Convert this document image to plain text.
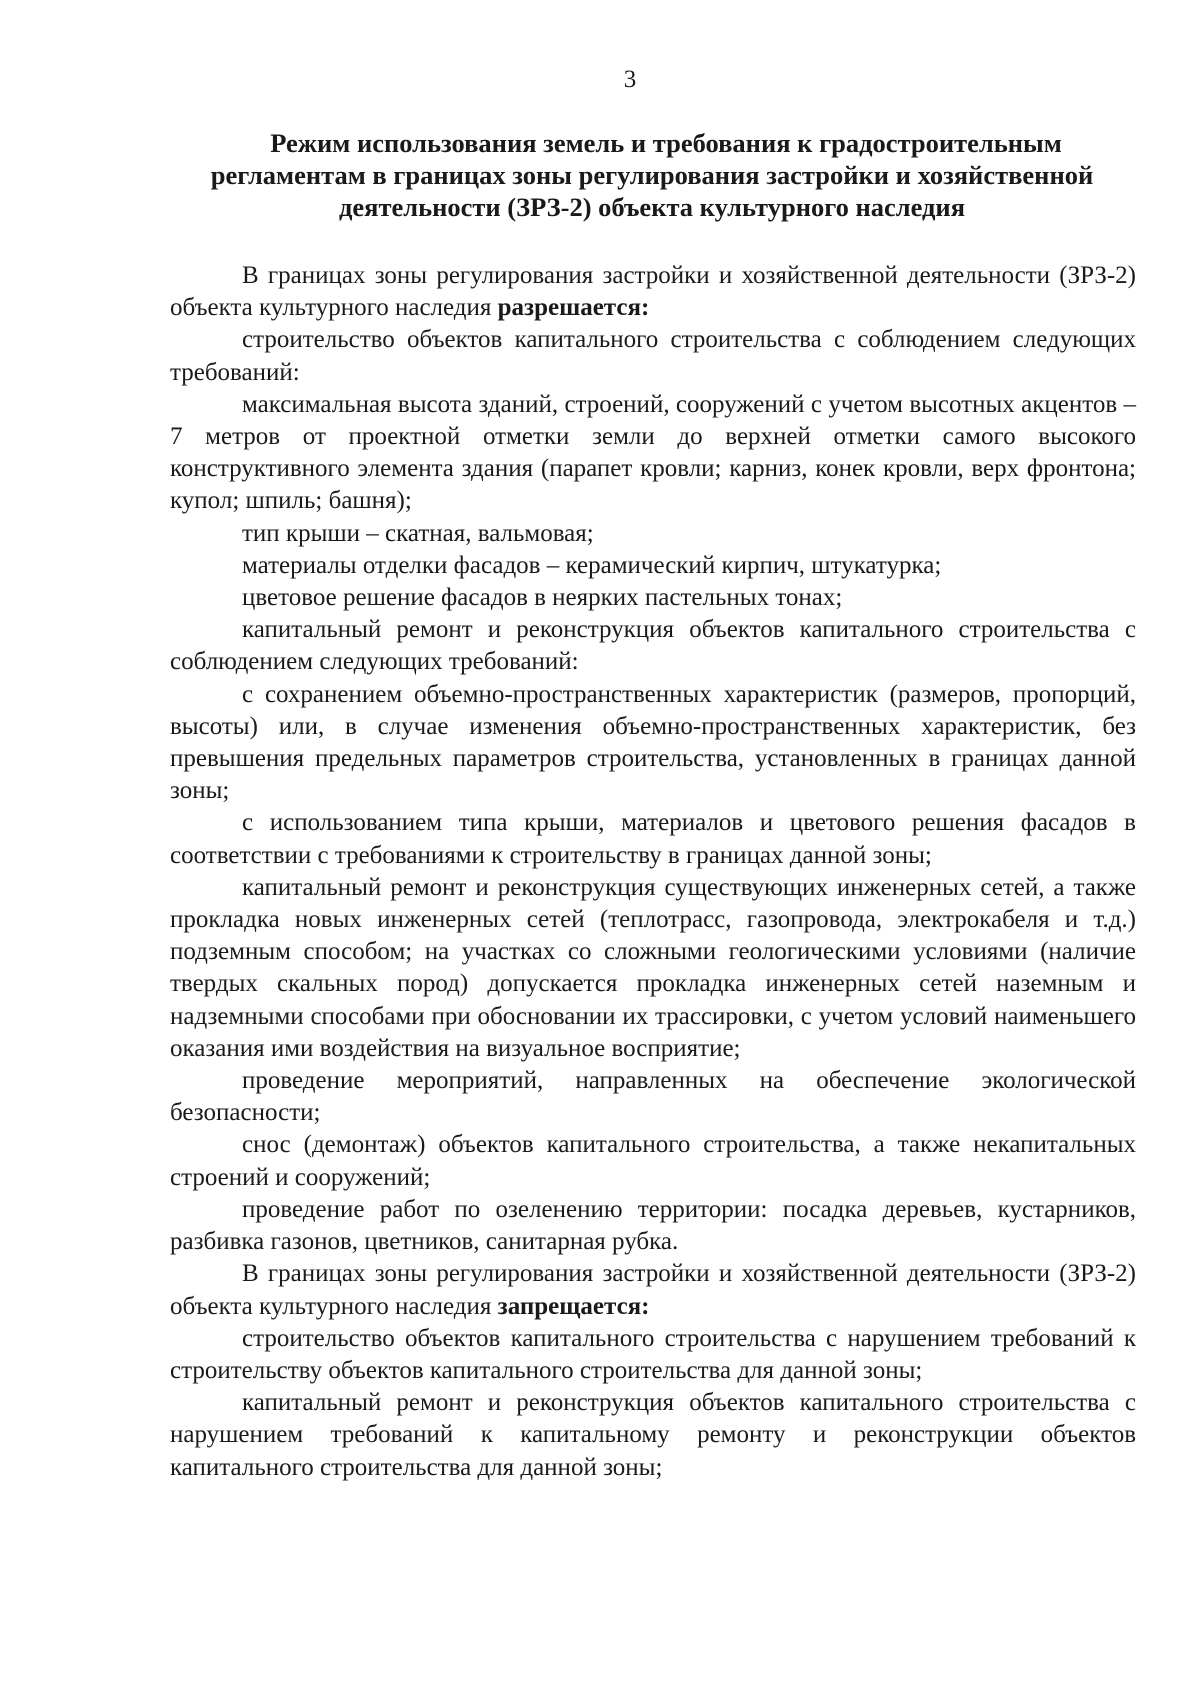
3
Режим использования земель и требования к градостроительным регламентам в границах зоны регулирования застройки и хозяйственной деятельности (ЗРЗ-2) объекта культурного наследия

В границах зоны регулирования застройки и хозяйственной деятельности (ЗРЗ-2) объекта культурного наследия разрешается:

строительство объектов капитального строительства с соблюдением следующих требований:

максимальная высота зданий, строений, сооружений с учетом высотных акцентов – 7 метров от проектной отметки земли до верхней отметки самого высокого конструктивного элемента здания (парапет кровли; карниз, конек кровли, верх фронтона; купол; шпиль; башня);

тип крыши – скатная, вальмовая;

материалы отделки фасадов – керамический кирпич, штукатурка;

цветовое решение фасадов в неярких пастельных тонах;

капитальный ремонт и реконструкция объектов капитального строительства с соблюдением следующих требований:

с сохранением объемно-пространственных характеристик (размеров, пропорций, высоты) или, в случае изменения объемно-пространственных характеристик, без превышения предельных параметров строительства, установленных в границах данной зоны;

с использованием типа крыши, материалов и цветового решения фасадов в соответствии с требованиями к строительству в границах данной зоны;

капитальный ремонт и реконструкция существующих инженерных сетей, а также прокладка новых инженерных сетей (теплотрасс, газопровода, электрокабеля и т.д.) подземным способом; на участках со сложными геологическими условиями (наличие твердых скальных пород) допускается прокладка инженерных сетей наземным и надземными способами при обосновании их трассировки, с учетом условий наименьшего оказания ими воздействия на визуальное восприятие;

проведение мероприятий, направленных на обеспечение экологической безопасности;

снос (демонтаж) объектов капитального строительства, а также некапитальных строений и сооружений;

проведение работ по озеленению территории: посадка деревьев, кустарников, разбивка газонов, цветников, санитарная рубка.

В границах зоны регулирования застройки и хозяйственной деятельности (ЗРЗ-2) объекта культурного наследия запрещается:

строительство объектов капитального строительства с нарушением требований к строительству объектов капитального строительства для данной зоны;

капитальный ремонт и реконструкция объектов капитального строительства с нарушением требований к капитальному ремонту и реконструкции объектов капитального строительства для данной зоны;
